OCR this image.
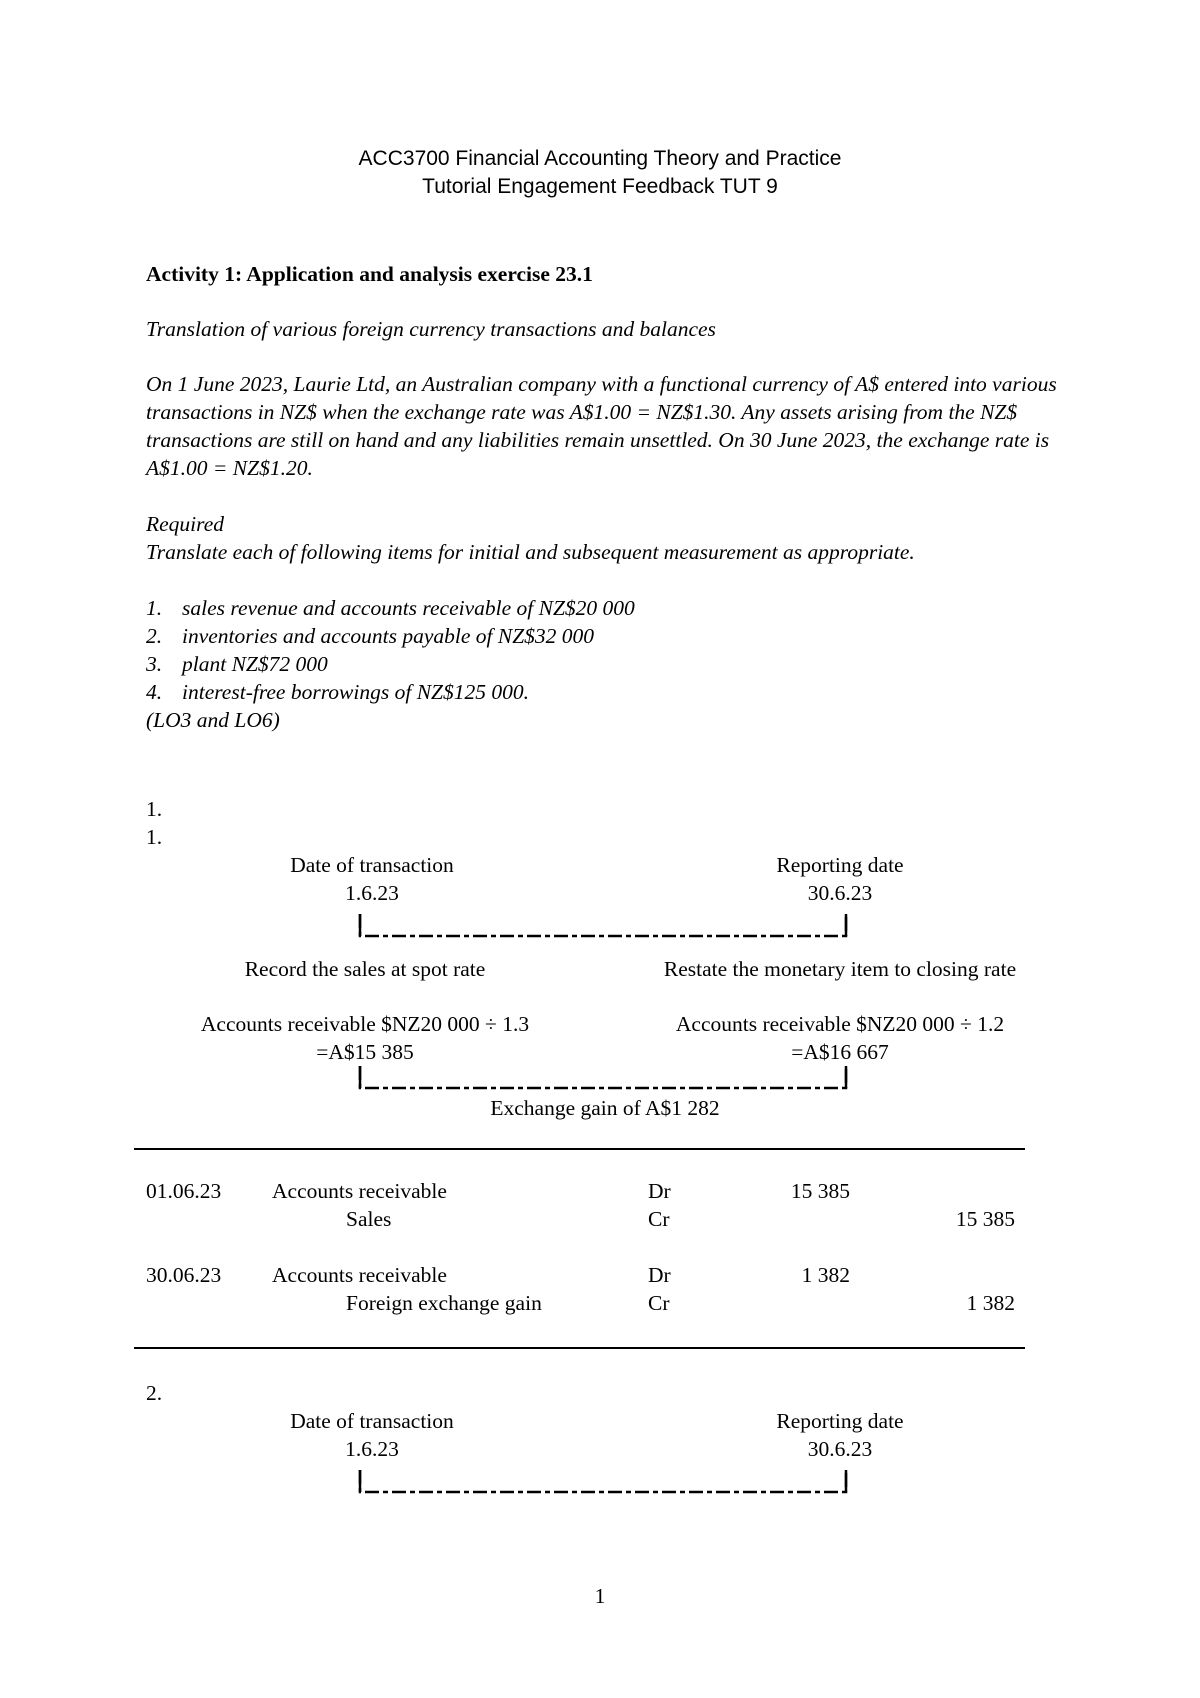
ACC3700 Financial Accounting Theory and Practice
Tutorial Engagement Feedback TUT 9
Activity 1: Application and analysis exercise 23.1
Translation of various foreign currency transactions and balances
On 1 June 2023, Laurie Ltd, an Australian company with a functional currency of A$ entered into various transactions in NZ$ when the exchange rate was A$1.00 = NZ$1.30. Any assets arising from the NZ$ transactions are still on hand and any liabilities remain unsettled. On 30 June 2023, the exchange rate is A$1.00 = NZ$1.20.
Required
Translate each of following items for initial and subsequent measurement as appropriate.
1. sales revenue and accounts receivable of NZ$20 000
2. inventories and accounts payable of NZ$32 000
3. plant NZ$72 000
4. interest-free borrowings of NZ$125 000.
(LO3 and LO6)
1.
1.
Date of transaction
1.6.23
Reporting date
30.6.23
Record the sales at spot rate	Restate the monetary item to closing rate
Accounts receivable $NZ20 000 ÷ 1.3
=A$15 385
Accounts receivable $NZ20 000 ÷ 1.2
=A$16 667
Exchange gain of A$1 282
01.06.23 Accounts receivable	Dr	15 385
Sales	Cr	15 385
30.06.23 Accounts receivable	Dr	1 382
Foreign exchange gain	Cr	1 382
2.
Date of transaction
1.6.23
Reporting date
30.6.23
1
